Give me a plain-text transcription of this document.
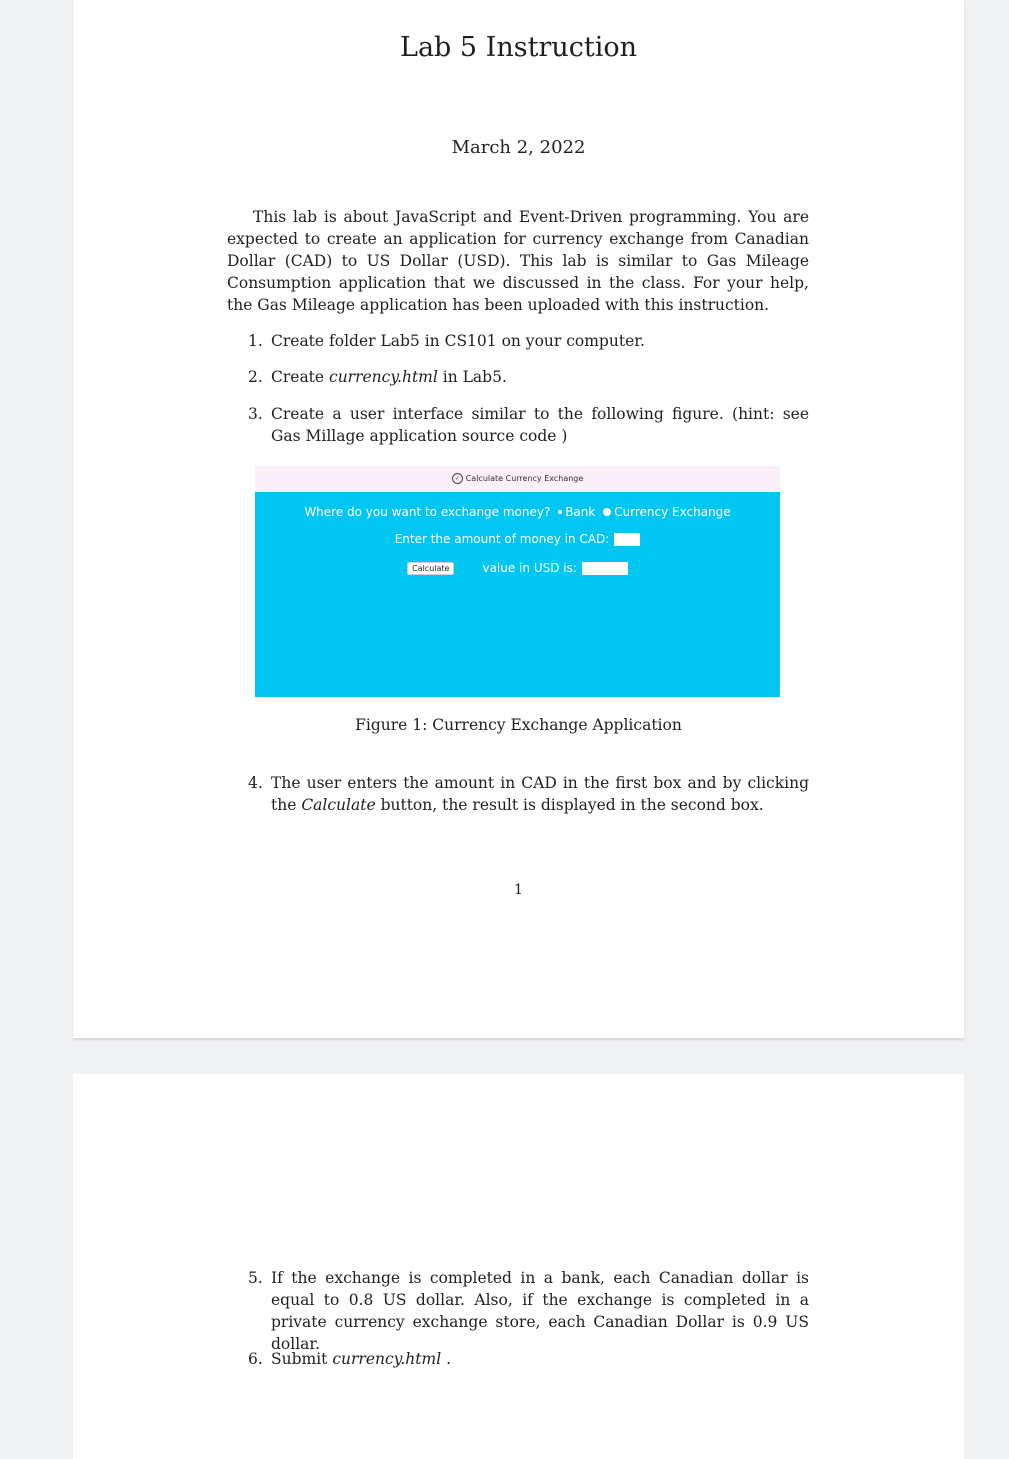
Lab 5 Instruction
March 2, 2022

This lab is about JavaScript and Event-Driven programming. You are expected to create an application for currency exchange from Canadian Dollar (CAD) to US Dollar (USD). This lab is similar to Gas Mileage Consumption application that we discussed in the class. For your help, the Gas Mileage application has been uploaded with this instruction.

1. Create folder Lab5 in CS101 on your computer.
2. Create currency.html in Lab5.
3. Create a user interface similar to the following figure. (hint: see Gas Millage application source code )
✓ Calculate Currency Exchange
Where do you want to exchange money? Bank Currency Exchange
Enter the amount of money in CAD:
Calculate	value in USD is:
Figure 1: Currency Exchange Application
4. The user enters the amount in CAD in the first box and by clicking the Calculate button, the result is displayed in the second box.
1
5. If the exchange is completed in a bank, each Canadian dollar is equal to 0.8 US dollar. Also, if the exchange is completed in a private currency exchange store, each Canadian Dollar is 0.9 US dollar.
6. Submit currency.html .
